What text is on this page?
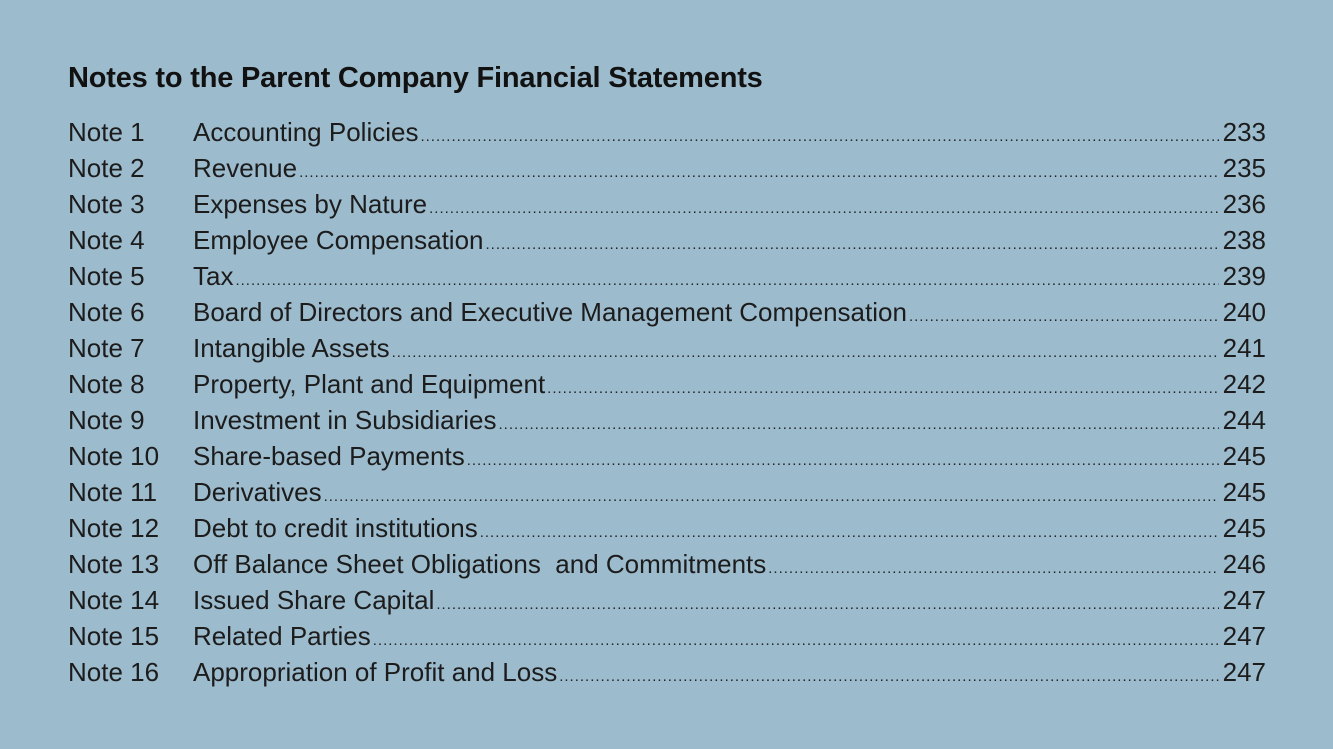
Notes to the Parent Company Financial Statements
Note 1	Accounting Policies .....	233
Note 2	Revenue .....	235
Note 3	Expenses by Nature .....	236
Note 4	Employee Compensation .....	238
Note 5	Tax .....	239
Note 6	Board of Directors and Executive Management Compensation .....	240
Note 7	Intangible Assets .....	241
Note 8	Property, Plant and Equipment .....	242
Note 9	Investment in Subsidiaries .....	244
Note 10	Share-based Payments .....	245
Note 11	Derivatives .....	245
Note 12	Debt to credit institutions .....	245
Note 13	Off Balance Sheet Obligations  and Commitments .....	246
Note 14	Issued Share Capital .....	247
Note 15	Related Parties .....	247
Note 16	Appropriation of Profit and Loss .....	247
